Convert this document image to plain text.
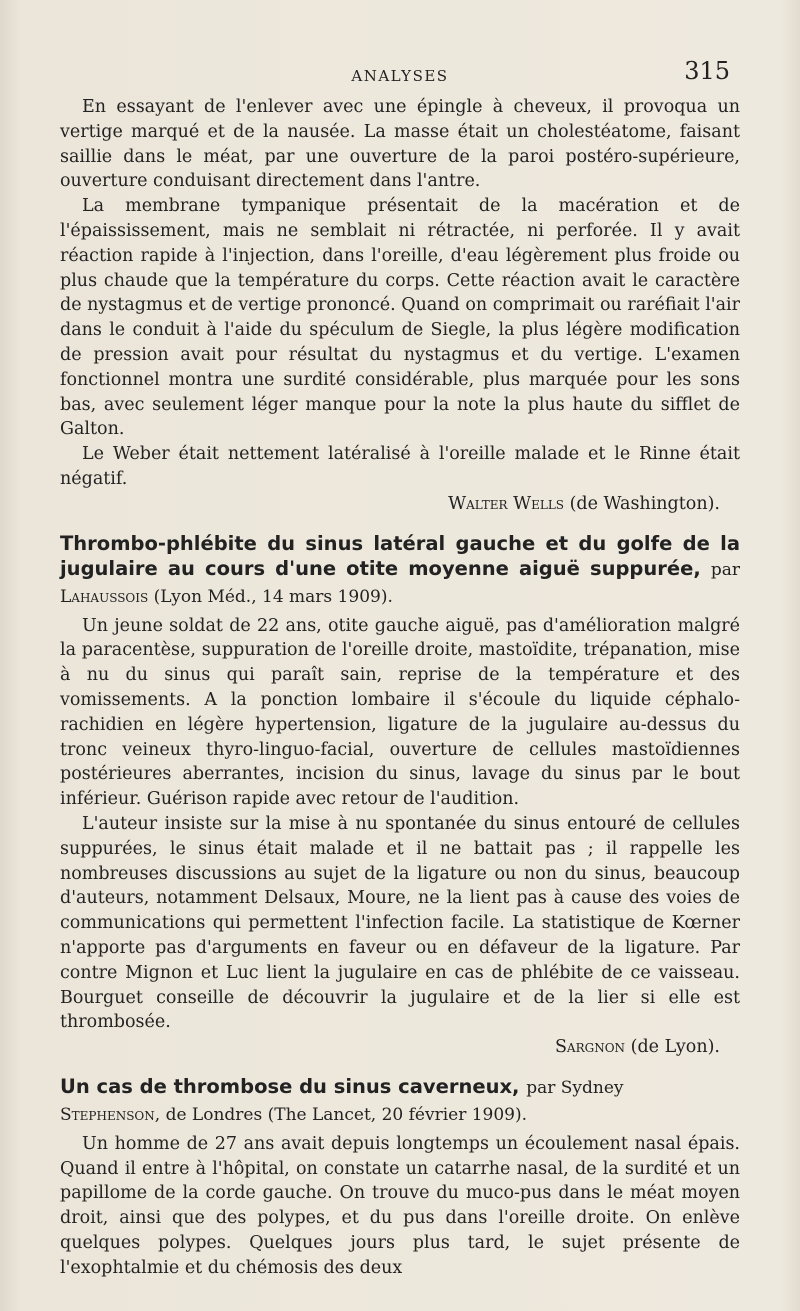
ANALYSES	315

En essayant de l'enlever avec une épingle à cheveux, il provoqua un vertige marqué et de la nausée. La masse était un cholestéatome, faisant saillie dans le méat, par une ouverture de la paroi postéro-supérieure, ouverture conduisant directement dans l'antre.

La membrane tympanique présentait de la macération et de l'épaississement, mais ne semblait ni rétractée, ni perforée. Il y avait réaction rapide à l'injection, dans l'oreille, d'eau légèrement plus froide ou plus chaude que la température du corps. Cette réaction avait le caractère de nystagmus et de vertige prononcé. Quand on comprimait ou raréfiait l'air dans le conduit à l'aide du spéculum de Siegle, la plus légère modification de pression avait pour résultat du nystagmus et du vertige. L'examen fonctionnel montra une surdité considérable, plus marquée pour les sons bas, avec seulement léger manque pour la note la plus haute du sifflet de Galton.

Le Weber était nettement latéralisé à l'oreille malade et le Rinne était négatif.

Walter Wells (de Washington).

Thrombo-phlébite du sinus latéral gauche et du golfe de la jugulaire au cours d'une otite moyenne aiguë suppurée, par Lahaussois (Lyon Méd., 14 mars 1909).

Un jeune soldat de 22 ans, otite gauche aiguë, pas d'amélioration malgré la paracentèse, suppuration de l'oreille droite, mastoïdite, trépanation, mise à nu du sinus qui paraît sain, reprise de la température et des vomissements. A la ponction lombaire il s'écoule du liquide céphalo-rachidien en légère hypertension, ligature de la jugulaire au-dessus du tronc veineux thyro-linguo-facial, ouverture de cellules mastoïdiennes postérieures aberrantes, incision du sinus, lavage du sinus par le bout inférieur. Guérison rapide avec retour de l'audition.

L'auteur insiste sur la mise à nu spontanée du sinus entouré de cellules suppurées, le sinus était malade et il ne battait pas ; il rappelle les nombreuses discussions au sujet de la ligature ou non du sinus, beaucoup d'auteurs, notamment Delsaux, Moure, ne la lient pas à cause des voies de communications qui permettent l'infection facile. La statistique de Kœrner n'apporte pas d'arguments en faveur ou en défaveur de la ligature. Par contre Mignon et Luc lient la jugulaire en cas de phlébite de ce vaisseau. Bourguet conseille de découvrir la jugulaire et de la lier si elle est thrombosée.

Sargnon (de Lyon).

Un cas de thrombose du sinus caverneux, par Sydney
Stephenson, de Londres (The Lancet, 20 février 1909).

Un homme de 27 ans avait depuis longtemps un écoulement nasal épais. Quand il entre à l'hôpital, on constate un catarrhe nasal, de la surdité et un papillome de la corde gauche. On trouve du muco-pus dans le méat moyen droit, ainsi que des polypes, et du pus dans l'oreille droite. On enlève quelques polypes. Quelques jours plus tard, le sujet présente de l'exophtalmie et du chémosis des deux
